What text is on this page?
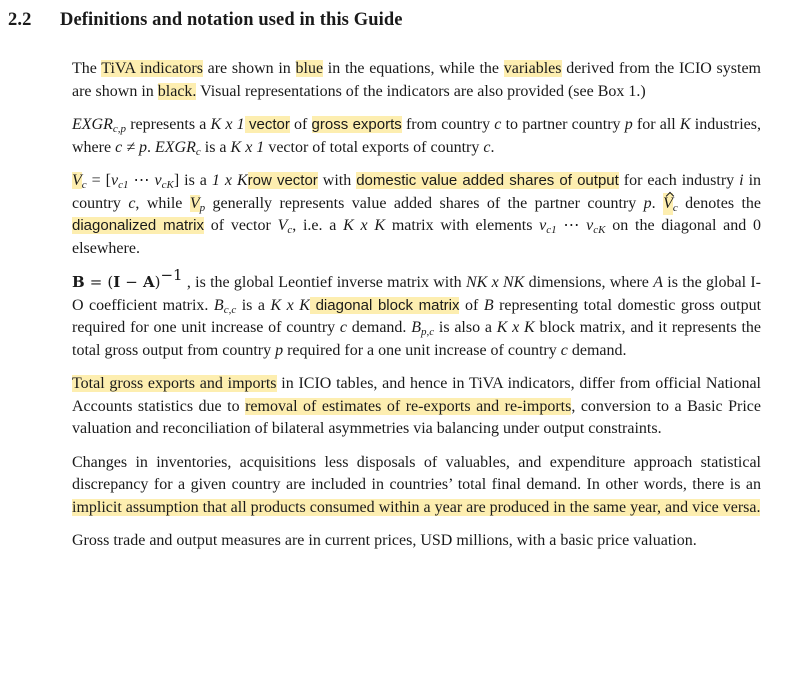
2.2 Definitions and notation used in this Guide

The TiVA indicators are shown in blue in the equations, while the variables derived from the ICIO system are shown in black. Visual representations of the indicators are also provided (see Box 1.)

$EXGR_{c,p}$ represents a K x 1 vector of gross exports from country c to partner country p for all K industries, where c ≠ p. $EXGR_c$ is a K x 1 vector of total exports of country c.

$V_c = [v_{c1}$ ⋯ $v_{cK}$] is a 1 x Krow vector with domestic value added shares of output for each industry i in country c, while $V_p$ generally represents value added shares of the partner country p. $V_c$ denotes the diagonalized matrix of vector $V_c$, i.e. a K x K matrix with elements $v_{c1}$ ⋯ $v_{cK}$ on the diagonal and 0 elsewhere.

$B = (I - A)^{-1}$ , is the global Leontief inverse matrix with NK x NK dimensions, where A is the global I-O coefficient matrix. $B_{c,c}$ is a K x K diagonal block matrix of B representing total domestic gross output required for one unit increase of country c demand. $B_{p,c}$ is also a K x K block matrix, and it represents the total gross output from country p required for a one unit increase of country c demand.

Total gross exports and imports in ICIO tables, and hence in TiVA indicators, differ from official National Accounts statistics due to removal of estimates of re-exports and re-imports, conversion to a Basic Price valuation and reconciliation of bilateral asymmetries via balancing under output constraints.

Changes in inventories, acquisitions less disposals of valuables, and expenditure approach statistical discrepancy for a given country are included in countries’ total final demand. In other words, there is an implicit assumption that all products consumed within a year are produced in the same year, and vice versa.

Gross trade and output measures are in current prices, USD millions, with a basic price valuation.
